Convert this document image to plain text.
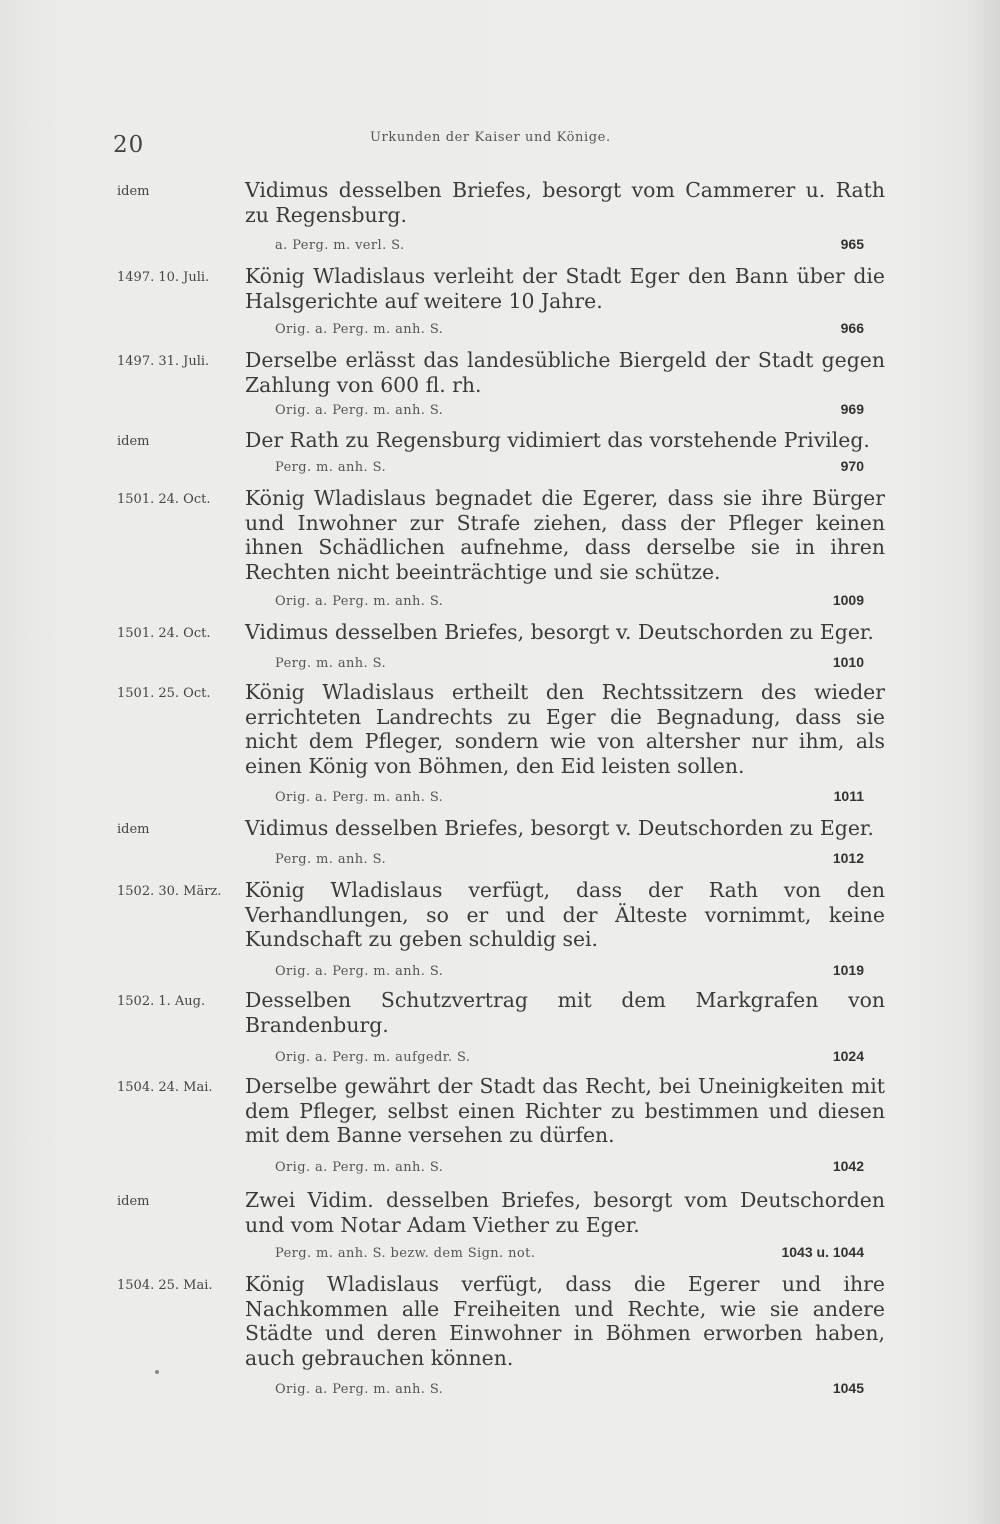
20	Urkunden der Kaiser und Könige.
idem	Vidimus desselben Briefes, besorgt vom Cammerer u. Rath zu Regensburg.
a. Perg. m. verl. S.	965
1497. 10. Juli. König Wladislaus verleiht der Stadt Eger den Bann über die Halsgerichte auf weitere 10 Jahre.
Orig. a. Perg. m. anh. S.	966
1497. 31. Juli. Derselbe erlässt das landesübliche Biergeld der Stadt gegen Zahlung von 600 fl. rh.
Orig. a. Perg. m. anh. S.	969
idem	Der Rath zu Regensburg vidimiert das vorstehende Privileg.
Perg. m. anh. S.	970
1501. 24. Oct. König Wladislaus begnadet die Egerer, dass sie ihre Bürger und Inwohner zur Strafe ziehen, dass der Pfleger keinen ihnen Schädlichen aufnehme, dass derselbe sie in ihren Rechten nicht beeinträchtige und sie schütze.
Orig. a. Perg. m. anh. S.	1009
1501. 24. Oct. Vidimus desselben Briefes, besorgt v. Deutschorden zu Eger.
Perg. m. anh. S.	1010
1501. 25. Oct. König Wladislaus ertheilt den Rechtssitzern des wieder errichteten Landrechts zu Eger die Begnadung, dass sie nicht dem Pfleger, sondern wie von altersher nur ihm, als einen König von Böhmen, den Eid leisten sollen.
Orig. a. Perg. m. anh. S.	1011
idem	Vidimus desselben Briefes, besorgt v. Deutschorden zu Eger.
Perg. m. anh. S.	1012
1502. 30. März. König Wladislaus verfügt, dass der Rath von den Verhandlungen, so er und der Älteste vornimmt, keine Kundschaft zu geben schuldig sei.
Orig. a. Perg. m. anh. S.	1019
1502. 1. Aug. Desselben Schutzvertrag mit dem Markgrafen von Brandenburg.
Orig. a. Perg. m. aufgedr. S.	1024
1504. 24. Mai. Derselbe gewährt der Stadt das Recht, bei Uneinigkeiten mit dem Pfleger, selbst einen Richter zu bestimmen und diesen mit dem Banne versehen zu dürfen.
Orig. a. Perg. m. anh. S.	1042
idem	Zwei Vidim. desselben Briefes, besorgt vom Deutschorden und vom Notar Adam Viether zu Eger.
Perg. m. anh. S. bezw. dem Sign. not.	1043 u. 1044
1504. 25. Mai. König Wladislaus verfügt, dass die Egerer und ihre Nachkommen alle Freiheiten und Rechte, wie sie andere Städte und deren Einwohner in Böhmen erworben haben, auch gebrauchen können.
Orig. a. Perg. m. anh. S.	1045
